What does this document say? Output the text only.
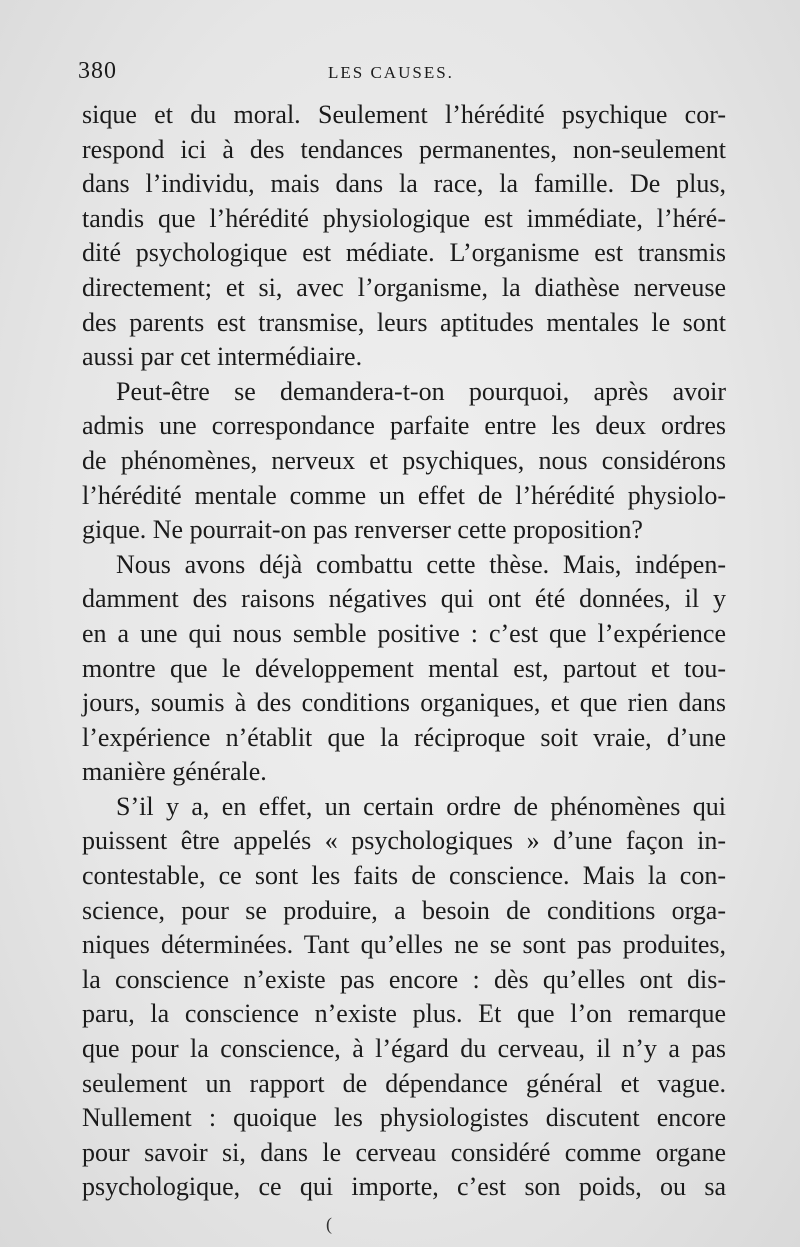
380	LES CAUSES.
sique et du moral. Seulement l’hérédité psychique cor-
respond ici à des tendances permanentes, non-seulement
dans l’individu, mais dans la race, la famille. De plus,
tandis que l’hérédité physiologique est immédiate, l’héré-
dité psychologique est médiate. L’organisme est transmis
directement; et si, avec l’organisme, la diathèse nerveuse
des parents est transmise, leurs aptitudes mentales le sont
aussi par cet intermédiaire.
Peut-être se demandera-t-on pourquoi, après avoir
admis une correspondance parfaite entre les deux ordres
de phénomènes, nerveux et psychiques, nous considérons
l’hérédité mentale comme un effet de l’hérédité physiolo-
gique. Ne pourrait-on pas renverser cette proposition?
Nous avons déjà combattu cette thèse. Mais, indépen-
damment des raisons négatives qui ont été données, il y
en a une qui nous semble positive : c’est que l’expérience
montre que le développement mental est, partout et tou-
jours, soumis à des conditions organiques, et que rien dans
l’expérience n’établit que la réciproque soit vraie, d’une
manière générale.
S’il y a, en effet, un certain ordre de phénomènes qui
puissent être appelés « psychologiques » d’une façon in-
contestable, ce sont les faits de conscience. Mais la con-
science, pour se produire, a besoin de conditions orga-
niques déterminées. Tant qu’elles ne se sont pas produites,
la conscience n’existe pas encore : dès qu’elles ont dis-
paru, la conscience n’existe plus. Et que l’on remarque
que pour la conscience, à l’égard du cerveau, il n’y a pas
seulement un rapport de dépendance général et vague.
Nullement : quoique les physiologistes discutent encore
pour savoir si, dans le cerveau considéré comme organe
psychologique, ce qui importe, c’est son poids, ou sa
(
